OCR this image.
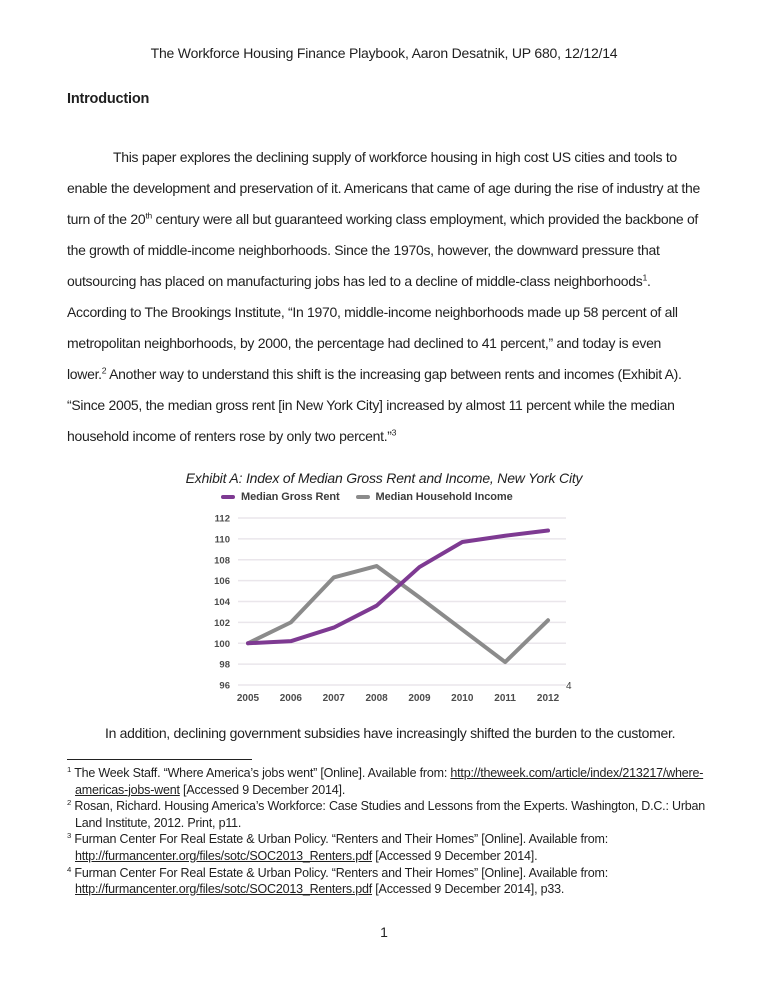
The Workforce Housing Finance Playbook, Aaron Desatnik, UP 680, 12/12/14
Introduction
This paper explores the declining supply of workforce housing in high cost US cities and tools to enable the development and preservation of it. Americans that came of age during the rise of industry at the turn of the 20th century were all but guaranteed working class employment, which provided the backbone of the growth of middle-income neighborhoods. Since the 1970s, however, the downward pressure that outsourcing has placed on manufacturing jobs has led to a decline of middle-class neighborhoods$^1$. According to The Brookings Institute, “In 1970, middle-income neighborhoods made up 58 percent of all metropolitan neighborhoods, by 2000, the percentage had declined to 41 percent,” and today is even lower.$^2$ Another way to understand this shift is the increasing gap between rents and incomes (Exhibit A). “Since 2005, the median gross rent [in New York City] increased by almost 11 percent while the median household income of renters rose by only two percent.”$^3$
Exhibit A: Index of Median Gross Rent and Income, New York City
Median Gross Rent	Median Household Income
96
98
100
102
104
106
108
110
112
2005 2006 2007 2008 2009 2010 2011 2012
4
In addition, declining government subsidies have increasingly shifted the burden to the customer.
$^1$ The Week Staff. “Where America’s jobs went” [Online]. Available from: http://theweek.com/article/index/213217/where-americas-jobs-went [Accessed 9 December 2014].
$^2$ Rosan, Richard. Housing America’s Workforce: Case Studies and Lessons from the Experts. Washington, D.C.: Urban Land Institute, 2012. Print, p11.
$^3$ Furman Center For Real Estate & Urban Policy. “Renters and Their Homes” [Online]. Available from: http://furmancenter.org/files/sotc/SOC2013_Renters.pdf [Accessed 9 December 2014].
$^4$ Furman Center For Real Estate & Urban Policy. “Renters and Their Homes” [Online]. Available from: http://furmancenter.org/files/sotc/SOC2013_Renters.pdf [Accessed 9 December 2014], p33.
1
